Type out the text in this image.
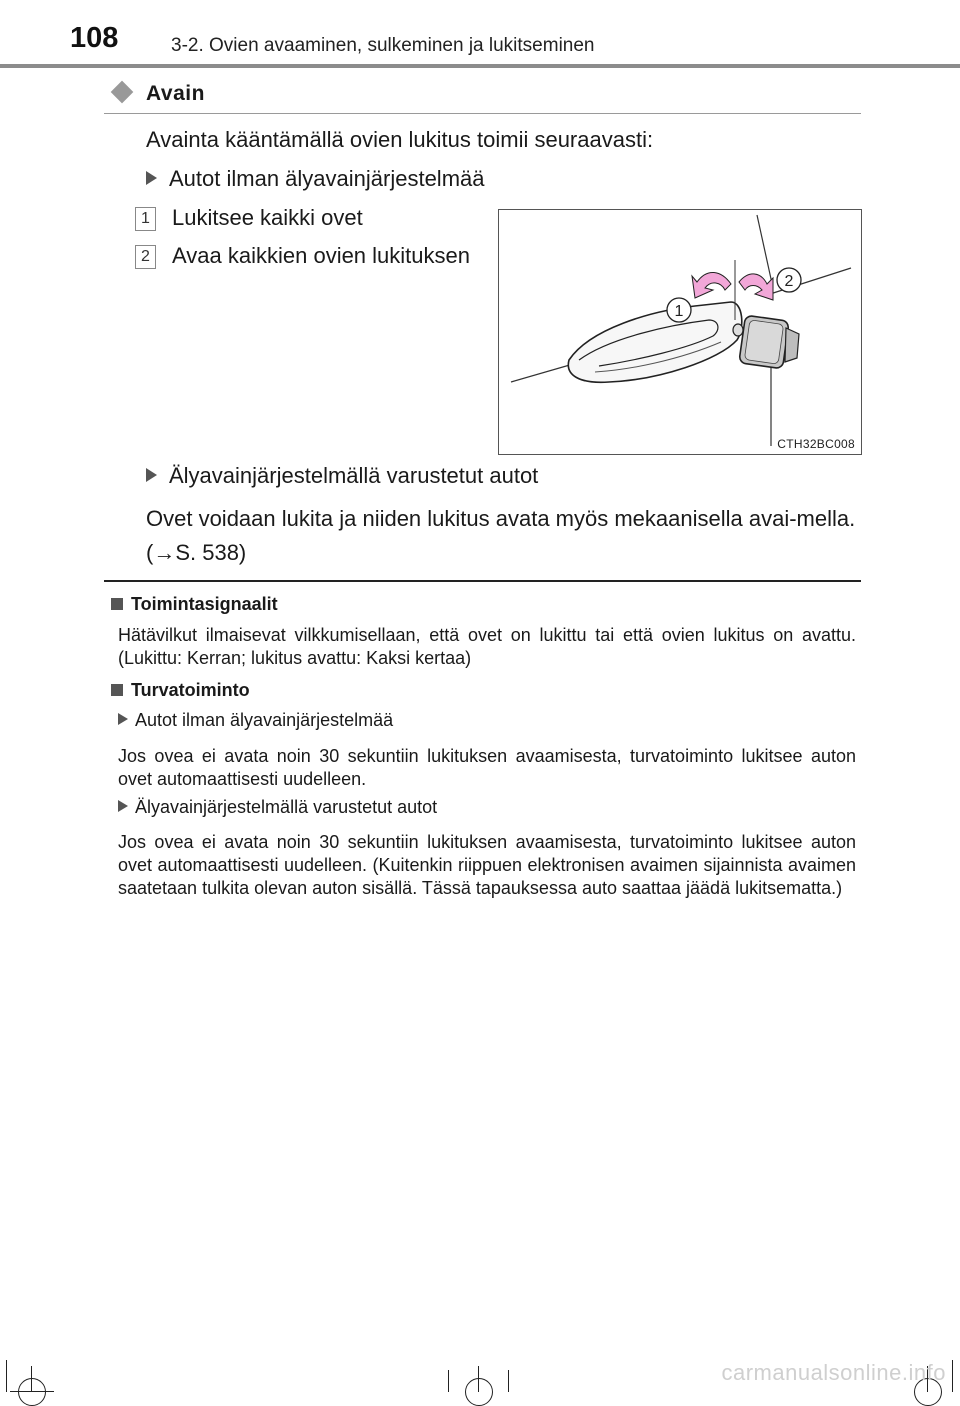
108	3-2. Ovien avaaminen, sulkeminen ja lukitseminen
Avain
Avainta kääntämällä ovien lukitus toimii seuraavasti:
Autot ilman älyavainjärjestelmää
1 Lukitsee kaikki ovet
2 Avaa kaikkien ovien lukituksen
1
2
CTH32BC008
Älyavainjärjestelmällä varustetut autot
Ovet voidaan lukita ja niiden lukitus avata myös mekaanisella avai-mella. (→S. 538)
Toimintasignaalit
Hätävilkut ilmaisevat vilkkumisellaan, että ovet on lukittu tai että ovien lukitus on avattu. (Lukittu: Kerran; lukitus avattu: Kaksi kertaa)
Turvatoiminto
Autot ilman älyavainjärjestelmää
Jos ovea ei avata noin 30 sekuntiin lukituksen avaamisesta, turvatoiminto lukitsee auton ovet automaattisesti uudelleen.
Älyavainjärjestelmällä varustetut autot
Jos ovea ei avata noin 30 sekuntiin lukituksen avaamisesta, turvatoiminto lukitsee auton ovet automaattisesti uudelleen. (Kuitenkin riippuen elektronisen avaimen sijainnista avaimen saatetaan tulkita olevan auton sisällä. Tässä tapauksessa auto saattaa jäädä lukitsematta.)
carmanualsonline.info
